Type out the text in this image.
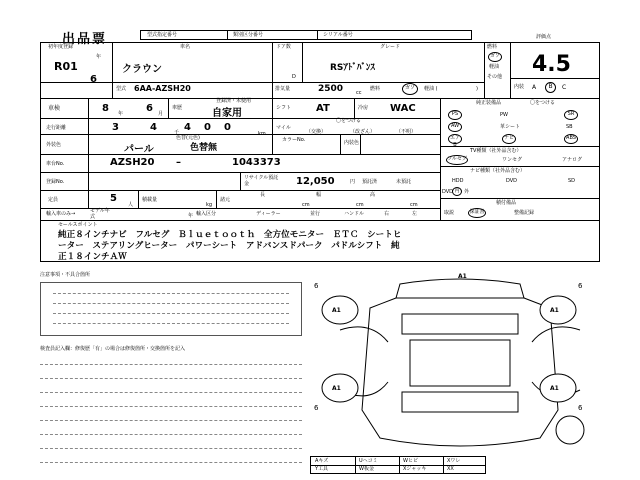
出品票	型式指定番号	類別区分番号	シリアル番号
初年度登録
R01
年
6
車名
クラウン
ドア数
D
グレード
RSｱﾄﾞﾊﾞﾝｽ
燃料
ガソ
軽油
その他
型式 6AA-AZSH20	排気量	2500	cc
燃料	ガソ	軽油 (	)
評価点
4.5
内装 A	B	C
車検	8 年 6 月
車歴
登録済・未使用
自家用	シフト AT	冷房 WAC
走行距離	3	4	千 4 0 0
km
〇をつける
マイル
（交換）	（改ざん）	（不明）
外装色
色替(元色)
パール	色替無
カラーNo.	内装色
車台No.	AZSH20 –	1043373
登録No.
リサイクル預託金	12,050	円 預託済	未預託
定員	5
人
積載量
kg
諸元
長
cm
幅
cm
高
cm
輸入車のみ→	モデル年式	年 輸入区分	ディーラー	並行	ハンドル	右	左
純正装備品	〇をつける
PS	PW	SR
AW	革シート	SB
エアB
ナビ	ABS
TV種類（社外品含む）
フルセグ	ワンセグ	アナログ
ナビ種類（社外品含む）
HDD	DVD	SD
DVD 内 外
積付備品
取説	保証書	整備記録
セールスポイント
純正８インチナビ　フルセグ　Ｂｌｕｅｔｏｏｔｈ　全方位モニター　ＥＴＣ　シートヒ
ーター　ステアリングヒーター　パワーシート　アドバンスドパーク　パドルシフト　純
正１８インチＡＷ
注意事項・不具合箇所
検査員記入欄：修復歴「有」の場合は修復箇所・交換箇所を記入
A1
A1	A1
A1	A1
6	6
6	6
Aキズ	Uヘコミ	Wヒビ	Xワレ
Y工具	W板金	Xジャッキ	XX
